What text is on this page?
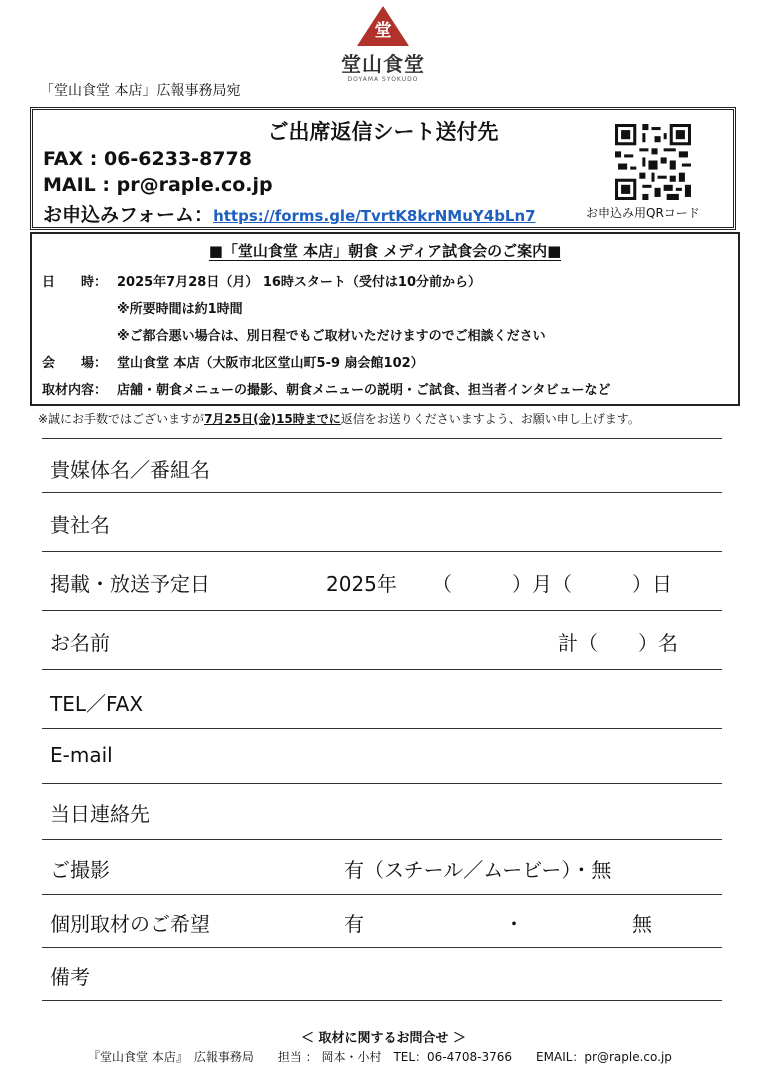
堂
堂山食堂
DOYAMA SYOKUDO
「堂山食堂 本店」広報事務局宛
ご出席返信シート送付先
FAX : 06-6233-8778
MAIL : pr@raple.co.jp
お申込みフォーム：https://forms.gle/TvrtK8krNMuY4bLn7	お申込み用QRコード
■「堂山食堂 本店」朝食 メディア試食会のご案内■
日　　時： 2025年7月28日（月） 16時スタート（受付は10分前から）
※所要時間は約1時間
※ご都合悪い場合は、別日程でもご取材いただけますのでご相談ください
会　　場： 堂山食堂 本店（大阪市北区堂山町5-9 扇会館102）
取材内容： 店舗・朝食メニューの撮影、朝食メニューの説明・ご試食、担当者インタビューなど
※誠にお手数ではございますが7月25日(金)15時までに返信をお送りくださいますよう、お願い申し上げます。
貴媒体名／番組名
貴社名
掲載・放送予定日	2025年 （　　　）月（　　　）日
お名前	計（　　）名
TEL／FAX
E-mail
当日連絡先
ご撮影	有（スチール／ムービー）・無
個別取材のご希望	有	・	無
備考
＜ 取材に関するお問合せ ＞
『堂山食堂 本店』　広報事務局　　担当 ： 岡本・小村　TEL：06-4708-3766　　EMAIL：pr@raple.co.jp
